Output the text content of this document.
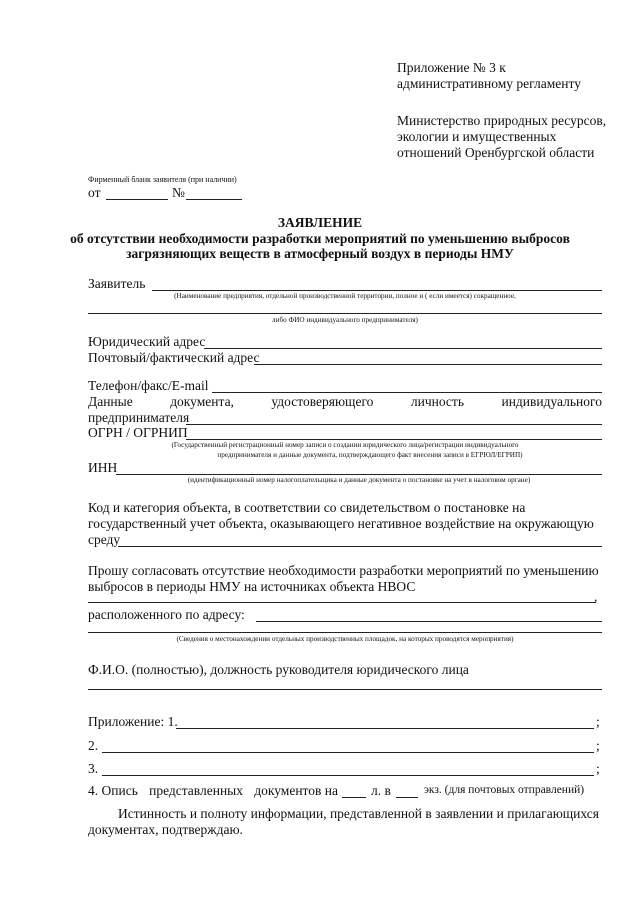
Приложение № 3 к
административному регламенту
Министерство природных ресурсов,
экологии и имущественных
отношений Оренбургской области
Фирменный бланк заявителя (при наличии)
от	№
ЗАЯВЛЕНИЕ
об отсутствии необходимости разработки мероприятий по уменьшению выбросов
загрязняющих веществ в атмосферный воздух в периоды НМУ
Заявитель
(Наименование предприятия, отдельной производственной территории, полное и ( если имеется) сокращенное,
либо ФИО индивидуального предпринимателя)
Юридический адрес
Почтовый/фактический адрес
Телефон/факс/E-mail
Данные	документа,	удостоверяющего	личность	индивидуального
предпринимателя
ОГРН / ОГРНИП
(Государственный регистрационный номер записи о создании юридического лица/регистрации индивидуального
предпринимателя и данные документа, подтверждающего факт внесения записи в ЕГРЮЛ/ЕГРИП)
ИНН
(идентификационный номер налогоплательщика и данные документа о постановке на учет в налоговом органе)
Код и категория объекта, в соответствии со свидетельством о постановке на
государственный учет объекта, оказывающего негативное воздействие на окружающую
среду
Прошу согласовать отсутствие необходимости разработки мероприятий по уменьшению
выбросов в периоды НМУ на источниках объекта НВОС
,
расположенного по адресу:
(Сведения о местонахождении отдельных производственных площадок, на которых проводятся мероприятия)
Ф.И.О. (полностью), должность руководителя юридического лица
Приложение: 1.	;
2.	;
3.	;
4. Опись представленных документов на л. в	экз. (для почтовых отправлений)
Истинность и полноту информации, представленной в заявлении и прилагающихся
документах, подтверждаю.
